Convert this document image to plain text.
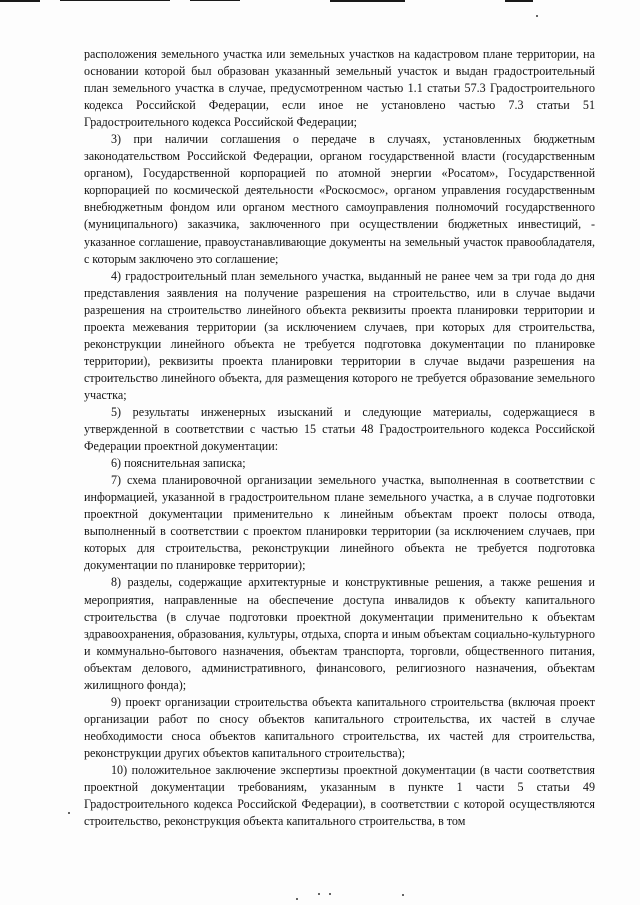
расположения земельного участка или земельных участков на кадастровом плане территории, на основании которой был образован указанный земельный участок и выдан градостроительный план земельного участка в случае, предусмотренном частью 1.1 статьи 57.3 Градостроительного кодекса Российской Федерации, если иное не установлено частью 7.3 статьи 51 Градостроительного кодекса Российской Федерации;

3) при наличии соглашения о передаче в случаях, установленных бюджетным законодательством Российской Федерации, органом государственной власти (государственным органом), Государственной корпорацией по атомной энергии «Росатом», Государственной корпорацией по космической деятельности «Роскосмос», органом управления государственным внебюджетным фондом или органом местного самоуправления полномочий государственного (муниципального) заказчика, заключенного при осуществлении бюджетных инвестиций, - указанное соглашение, правоустанавливающие документы на земельный участок правообладателя, с которым заключено это соглашение;

4) градостроительный план земельного участка, выданный не ранее чем за три года до дня представления заявления на получение разрешения на строительство, или в случае выдачи разрешения на строительство линейного объекта реквизиты проекта планировки территории и проекта межевания территории (за исключением случаев, при которых для строительства, реконструкции линейного объекта не требуется подготовка документации по планировке территории), реквизиты проекта планировки территории в случае выдачи разрешения на строительство линейного объекта, для размещения которого не требуется образование земельного участка;

5) результаты инженерных изысканий и следующие материалы, содержащиеся в утвержденной в соответствии с частью 15 статьи 48 Градостроительного кодекса Российской Федерации проектной документации:

6) пояснительная записка;

7) схема планировочной организации земельного участка, выполненная в соответствии с информацией, указанной в градостроительном плане земельного участка, а в случае подготовки проектной документации применительно к линейным объектам проект полосы отвода, выполненный в соответствии с проектом планировки территории (за исключением случаев, при которых для строительства, реконструкции линейного объекта не требуется подготовка документации по планировке территории);

8) разделы, содержащие архитектурные и конструктивные решения, а также решения и мероприятия, направленные на обеспечение доступа инвалидов к объекту капитального строительства (в случае подготовки проектной документации применительно к объектам здравоохранения, образования, культуры, отдыха, спорта и иным объектам социально-культурного и коммунально-бытового назначения, объектам транспорта, торговли, общественного питания, объектам делового, административного, финансового, религиозного назначения, объектам жилищного фонда);

9) проект организации строительства объекта капитального строительства (включая проект организации работ по сносу объектов капитального строительства, их частей в случае необходимости сноса объектов капитального строительства, их частей для строительства, реконструкции других объектов капитального строительства);

10) положительное заключение экспертизы проектной документации (в части соответствия проектной документации требованиям, указанным в пункте 1 части 5 статьи 49 Градостроительного кодекса Российской Федерации), в соответствии с которой осуществляются строительство, реконструкция объекта капитального строительства, в том
